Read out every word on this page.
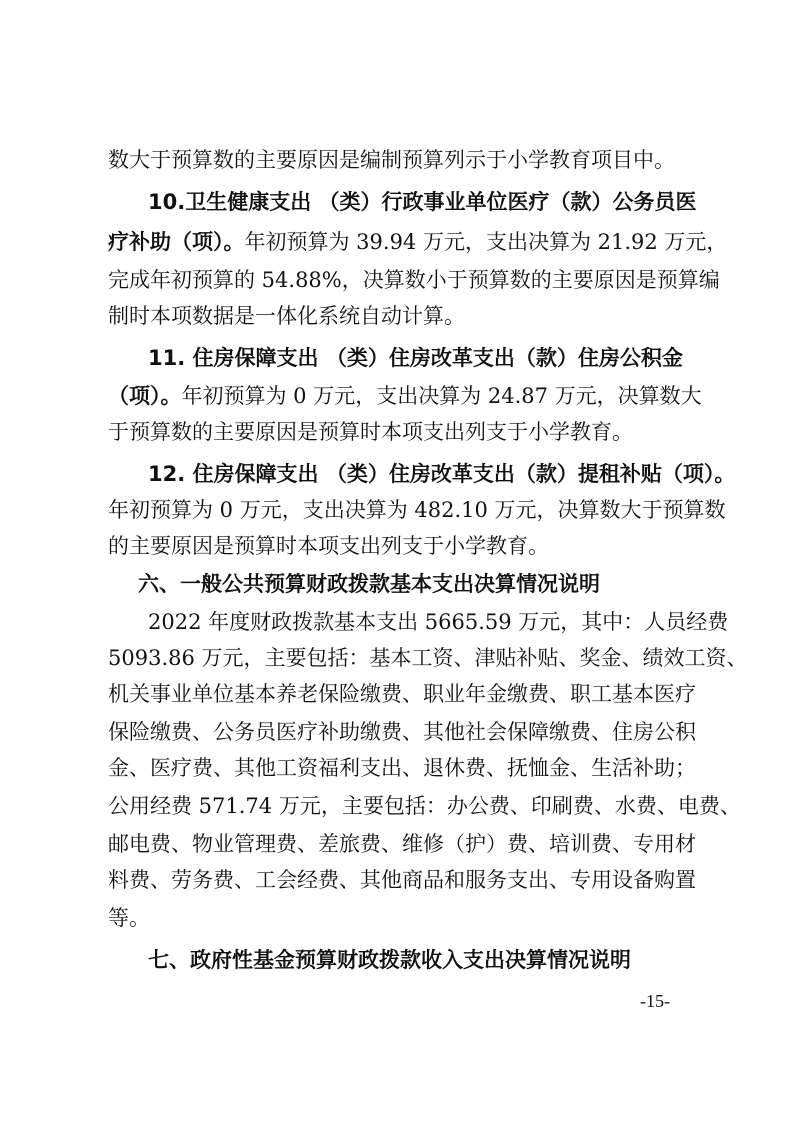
数大于预算数的主要原因是编制预算列示于小学教育项目中。
10.卫生健康支出 （类）行政事业单位医疗（款）公务员医
疗补助（项）。年初预算为 39.94 万元，支出决算为 21.92 万元，
完成年初预算的 54.88%，决算数小于预算数的主要原因是预算编
制时本项数据是一体化系统自动计算。
11. 住房保障支出 （类）住房改革支出（款）住房公积金
（项）。年初预算为 0 万元，支出决算为 24.87 万元，决算数大
于预算数的主要原因是预算时本项支出列支于小学教育。
12. 住房保障支出 （类）住房改革支出（款）提租补贴（项）。
年初预算为 0 万元，支出决算为 482.10 万元，决算数大于预算数
的主要原因是预算时本项支出列支于小学教育。
六、一般公共预算财政拨款基本支出决算情况说明
2022 年度财政拨款基本支出 5665.59 万元，其中：人员经费
5093.86 万元，主要包括：基本工资、津贴补贴、奖金、绩效工资、
机关事业单位基本养老保险缴费、职业年金缴费、职工基本医疗
保险缴费、公务员医疗补助缴费、其他社会保障缴费、住房公积
金、医疗费、其他工资福利支出、退休费、抚恤金、生活补助；
公用经费 571.74 万元，主要包括：办公费、印刷费、水费、电费、
邮电费、物业管理费、差旅费、维修（护）费、培训费、专用材
料费、劳务费、工会经费、其他商品和服务支出、专用设备购置
等。
七、政府性基金预算财政拨款收入支出决算情况说明
-15-
